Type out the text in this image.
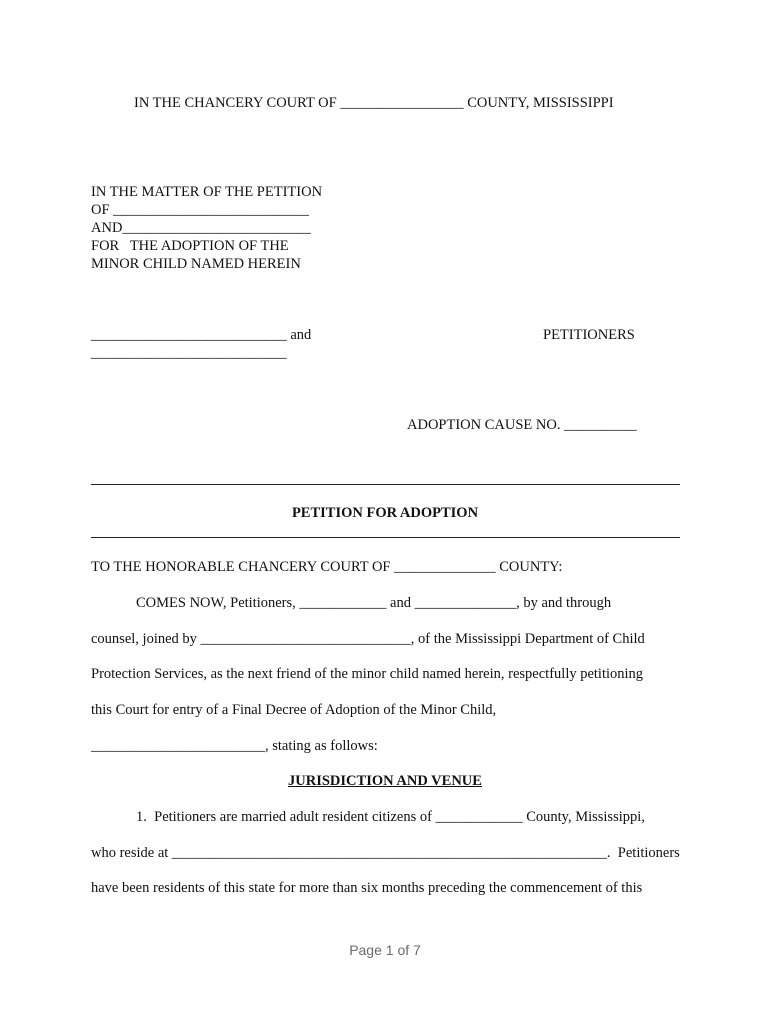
IN THE CHANCERY COURT OF _________________ COUNTY, MISSISSIPPI
IN THE MATTER OF THE PETITION
OF ___________________________
AND__________________________
FOR   THE ADOPTION OF THE
MINOR CHILD NAMED HEREIN
___________________________ and	PETITIONERS
___________________________
ADOPTION CAUSE NO. __________
PETITION FOR ADOPTION
TO THE HONORABLE CHANCERY COURT OF ______________ COUNTY:
COMES NOW, Petitioners, ____________ and ______________, by and through
counsel, joined by _____________________________, of the Mississippi Department of Child
Protection Services, as the next friend of the minor child named herein, respectfully petitioning
this Court for entry of a Final Decree of Adoption of the Minor Child,
________________________, stating as follows:
JURISDICTION AND VENUE
1.  Petitioners are married adult resident citizens of ____________ County, Mississippi,
who reside at ____________________________________________________________.  Petitioners
have been residents of this state for more than six months preceding the commencement of this
Page 1 of 7
